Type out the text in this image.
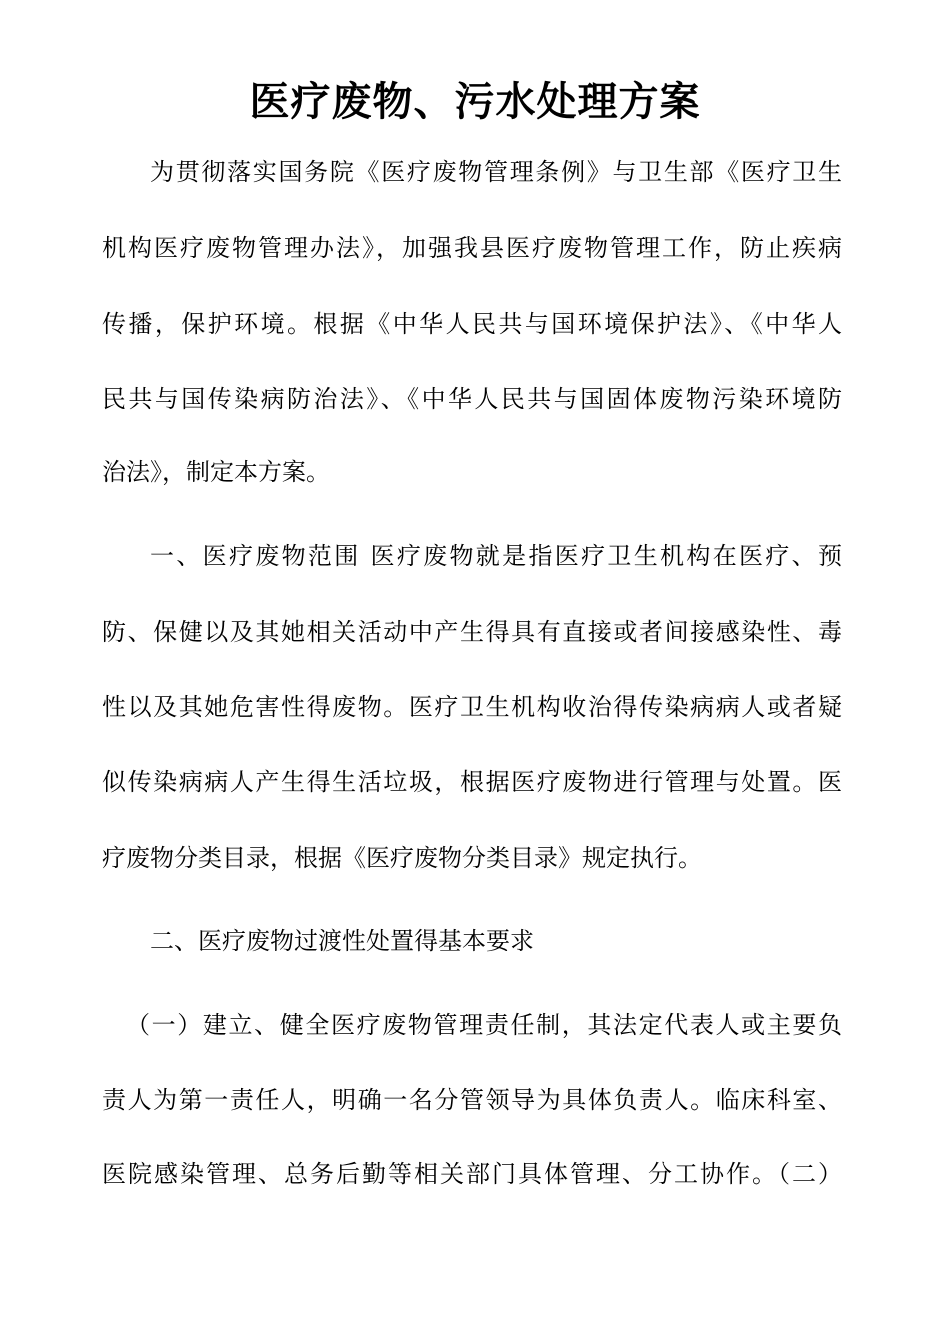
医疗废物、污水处理方案
为贯彻落实国务院《医疗废物管理条例》与卫生部《医疗卫生
机构医疗废物管理办法》，加强我县医疗废物管理工作，防止疾病
传播，保护环境。根据《中华人民共与国环境保护法》、《中华人
民共与国传染病防治法》、《中华人民共与国固体废物污染环境防
治法》，制定本方案。
一、医疗废物范围 医疗废物就是指医疗卫生机构在医疗、预
防、保健以及其她相关活动中产生得具有直接或者间接感染性、毒
性以及其她危害性得废物。医疗卫生机构收治得传染病病人或者疑
似传染病病人产生得生活垃圾，根据医疗废物进行管理与处置。医
疗废物分类目录，根据《医疗废物分类目录》规定执行。
二、医疗废物过渡性处置得基本要求
（一）建立、健全医疗废物管理责任制，其法定代表人或主要负
责人为第一责任人，明确一名分管领导为具体负责人。临床科室、
医院感染管理、总务后勤等相关部门具体管理、分工协作。（二）
